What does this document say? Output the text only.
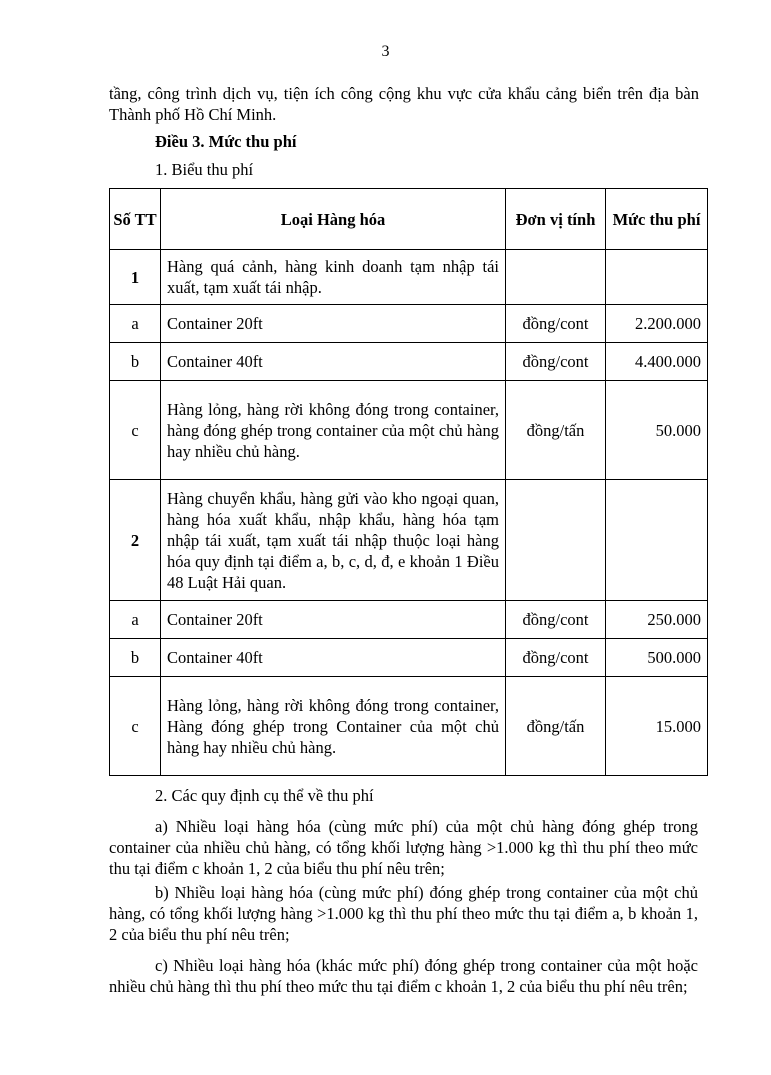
3
tầng, công trình dịch vụ, tiện ích công cộng khu vực cửa khẩu cảng biển trên địa bàn Thành phố Hồ Chí Minh.
Điều 3. Mức thu phí
1. Biểu thu phí
Số TT	Loại Hàng hóa	Đơn vị tính	Mức thu phí
1	Hàng quá cảnh, hàng kinh doanh tạm nhập tái xuất, tạm xuất tái nhập.		
a	Container 20ft	đồng/cont	2.200.000
b	Container 40ft	đồng/cont	4.400.000
c	Hàng lỏng, hàng rời không đóng trong container, hàng đóng ghép trong container của một chủ hàng hay nhiều chủ hàng.	đồng/tấn	50.000
2	Hàng chuyển khẩu, hàng gửi vào kho ngoại quan, hàng hóa xuất khẩu, nhập khẩu, hàng hóa tạm nhập tái xuất, tạm xuất tái nhập thuộc loại hàng hóa quy định tại điểm a, b, c, d, đ, e khoản 1 Điều 48 Luật Hải quan.		
a	Container 20ft	đồng/cont	250.000
b	Container 40ft	đồng/cont	500.000
c	Hàng lỏng, hàng rời không đóng trong container, Hàng đóng ghép trong Container của một chủ hàng hay nhiều chủ hàng.	đồng/tấn	15.000
2. Các quy định cụ thể về thu phí
a) Nhiều loại hàng hóa (cùng mức phí) của một chủ hàng đóng ghép trong container của nhiều chủ hàng, có tổng khối lượng hàng >1.000 kg thì thu phí theo mức thu tại điểm c khoản 1, 2 của biểu thu phí nêu trên;
b) Nhiều loại hàng hóa (cùng mức phí) đóng ghép trong container của một chủ hàng, có tổng khối lượng hàng >1.000 kg thì thu phí theo mức thu tại điểm a, b khoản 1, 2 của biểu thu phí nêu trên;
c) Nhiều loại hàng hóa (khác mức phí) đóng ghép trong container của một hoặc nhiều chủ hàng thì thu phí theo mức thu tại điểm c khoản 1, 2 của biểu thu phí nêu trên;
